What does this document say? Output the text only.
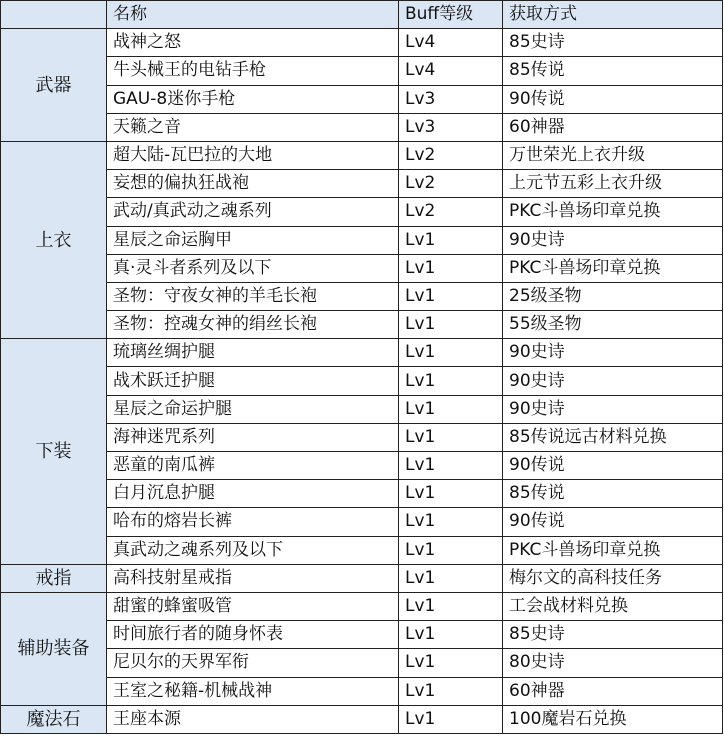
	名称	Buff等级	获取方式
武器	战神之怒	Lv4	85史诗
	牛头械王的电钻手枪	Lv4	85传说
	GAU-8迷你手枪	Lv3	90传说
	天籁之音	Lv3	60神器
上衣	超大陆-瓦巴拉的大地	Lv2	万世荣光上衣升级
	妄想的偏执狂战袍	Lv2	上元节五彩上衣升级
	武动/真武动之魂系列	Lv2	PKC斗兽场印章兑换
	星辰之命运胸甲	Lv1	90史诗
	真·灵斗者系列及以下	Lv1	PKC斗兽场印章兑换
	圣物：守夜女神的羊毛长袍	Lv1	25级圣物
	圣物：控魂女神的绢丝长袍	Lv1	55级圣物
下装	琉璃丝绸护腿	Lv1	90史诗
	战术跃迁护腿	Lv1	90史诗
	星辰之命运护腿	Lv1	90史诗
	海神迷咒系列	Lv1	85传说远古材料兑换
	恶童的南瓜裤	Lv1	90传说
	白月沉息护腿	Lv1	85传说
	哈布的熔岩长裤	Lv1	90传说
	真武动之魂系列及以下	Lv1	PKC斗兽场印章兑换
戒指	高科技射星戒指	Lv1	梅尔文的高科技任务
辅助装备	甜蜜的蜂蜜吸管	Lv1	工会战材料兑换
	时间旅行者的随身怀表	Lv1	85史诗
	尼贝尔的天界军衔	Lv1	80史诗
	王室之秘籍-机械战神	Lv1	60神器
魔法石	王座本源	Lv1	100魔岩石兑换
